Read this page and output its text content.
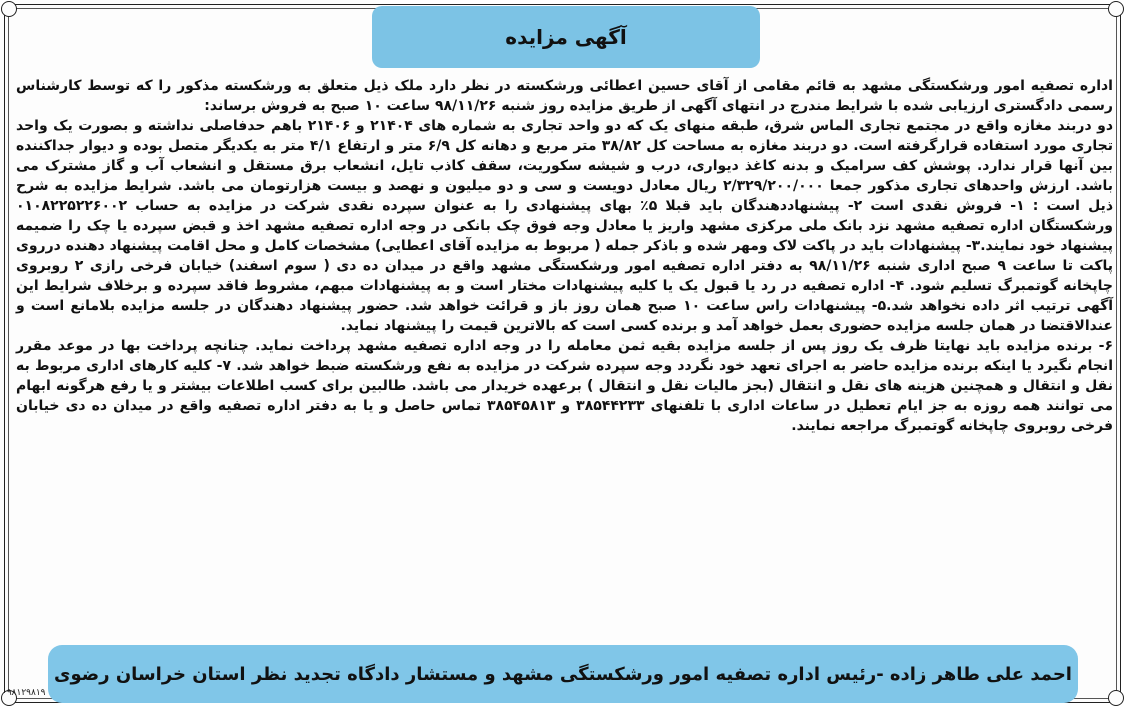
آگهی مزایده

اداره تصفیه امور ورشکستگی مشهد به قائم مقامی از آقای حسین اعطائی ورشکسته در نظر دارد ملک ذیل متعلق به ورشکسته مذکور را که توسط کارشناس رسمی دادگستری ارزیابی شده با شرایط مندرج در انتهای آگهی از طریق مزایده روز شنبه ۹۸/۱۱/۲۶ ساعت ۱۰ صبح به فروش برساند:

دو دربند مغازه واقع در مجتمع تجاری الماس شرق، طبقه منهای یک که دو واحد تجاری به شماره های ۲۱۴۰۴ و ۲۱۴۰۶ باهم حدفاصلی نداشته و بصورت یک واحد تجاری مورد استفاده قرارگرفته است. دو دربند مغازه به مساحت کل ۳۸/۸۲ متر مربع و دهانه کل ۶/۹ متر و ارتفاع ۴/۱ متر به یکدیگر متصل بوده و دیوار جداکننده بین آنها قرار ندارد. پوشش کف سرامیک و بدنه کاغذ دیواری، درب و شیشه سکوریت، سقف کاذب تایل، انشعاب برق مستقل و انشعاب آب و گاز مشترک می باشد. ارزش واحدهای تجاری مذکور جمعا ۲/۳۲۹/۲۰۰/۰۰۰ ریال معادل دویست و سی و دو میلیون و نهصد و بیست هزارتومان می باشد. شرایط مزایده به شرح ذیل است : ۱- فروش نقدی است ۲- پیشنهاددهندگان باید قبلا ۵٪ بهای پیشنهادی را به عنوان سپرده نقدی شرکت در مزایده به حساب ۰۱۰۸۲۲۵۲۲۶۰۰۲ ورشکستگان اداره تصفیه مشهد نزد بانک ملی مرکزی مشهد واریز یا معادل وجه فوق چک بانکی در وجه اداره تصفیه مشهد اخذ و قبض سپرده یا چک را ضمیمه پیشنهاد خود نمایند.۳- پیشنهادات باید در پاکت لاک ومهر شده و باذکر جمله ( مربوط به مزایده آقای اعطایی) مشخصات کامل و محل اقامت پیشنهاد دهنده درروی پاکت تا ساعت ۹ صبح اداری شنبه ۹۸/۱۱/۲۶ به دفتر اداره تصفیه امور ورشکستگی مشهد واقع در میدان ده دی ( سوم اسفند) خیابان فرخی رازی ۲ روبروی چاپخانه گوتمبرگ تسلیم شود. ۴- اداره تصفیه در رد یا قبول یک یا کلیه پیشنهادات مختار است و به پیشنهادات مبهم، مشروط فاقد سپرده و برخلاف شرایط این آگهی ترتیب اثر داده نخواهد شد.۵- پیشنهادات راس ساعت ۱۰ صبح همان روز باز و قرائت خواهد شد. حضور پیشنهاد دهندگان در جلسه مزایده بلامانع است و عندالاقتضا در همان جلسه مزایده حضوری بعمل خواهد آمد و برنده کسی است که بالاترین قیمت را پیشنهاد نماید.

۶- برنده مزایده باید نهایتا ظرف یک روز پس از جلسه مزایده بقیه ثمن معامله را در وجه اداره تصفیه مشهد پرداخت نماید. چنانچه پرداخت بها در موعد مقرر انجام نگیرد یا اینکه برنده مزایده حاضر به اجرای تعهد خود نگردد وجه سپرده شرکت در مزایده به نفع ورشکسته ضبط خواهد شد. ۷- کلیه کارهای اداری مربوط به نقل و انتقال و همچنین هزینه های نقل و انتقال (بجز مالیات نقل و انتقال ) برعهده خریدار می باشد. طالبین برای کسب اطلاعات بیشتر و یا رفع هرگونه ابهام می توانند همه روزه به جز ایام تعطیل در ساعات اداری با تلفنهای ۳۸۵۴۴۲۳۳ و ۳۸۵۴۵۸۱۳ تماس حاصل و یا به دفتر اداره تصفیه واقع در میدان ده دی خیابان فرخی روبروی چاپخانه گوتمبرگ مراجعه نمایند.

احمد علی طاهر زاده -رئیس اداره تصفیه امور ورشکستگی مشهد و مستشار دادگاه تجدید نظر استان خراسان رضوی
۰۹۸۱۲۹۸۱۹
